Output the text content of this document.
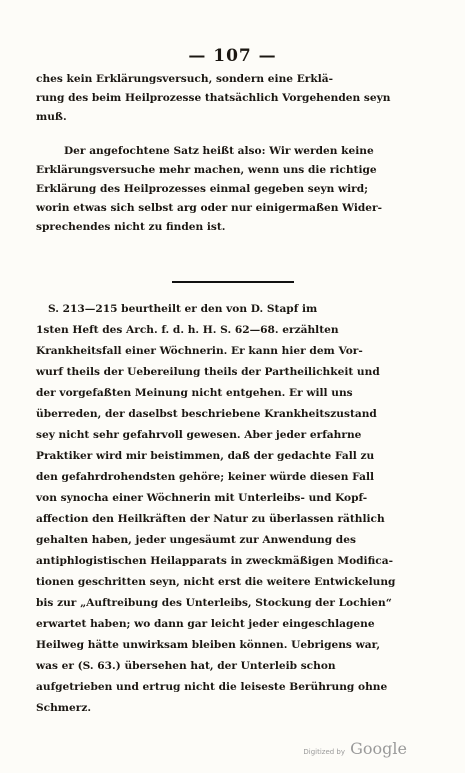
— 107 —
ches kein Erklärungsversuch, sondern eine Erklä-
rung des beim Heilprozesse thatsächlich Vorgehenden seyn
muß.
Der angefochtene Satz heißt also: Wir werden keine
Erklärungsversuche mehr machen, wenn uns die richtige
Erklärung des Heilprozesses einmal gegeben seyn wird;
worin etwas sich selbst arg oder nur einigermaßen Wider-
sprechendes nicht zu finden ist.
S. 213—215 beurtheilt er den von D. Stapf im
1sten Heft des Arch. f. d. h. H. S. 62—68. erzählten
Krankheitsfall einer Wöchnerin. Er kann hier dem Vor-
wurf theils der Uebereilung theils der Partheilichkeit und
der vorgefaßten Meinung nicht entgehen. Er will uns
überreden, der daselbst beschriebene Krankheitszustand
sey nicht sehr gefahrvoll gewesen. Aber jeder erfahrne
Praktiker wird mir beistimmen, daß der gedachte Fall zu
den gefahrdrohendsten gehöre; keiner würde diesen Fall
von synocha einer Wöchnerin mit Unterleibs- und Kopf-
affection den Heilkräften der Natur zu überlassen räthlich
gehalten haben, jeder ungesäumt zur Anwendung des
antiphlogistischen Heilapparats in zweckmäßigen Modifica-
tionen geschritten seyn, nicht erst die weitere Entwickelung
bis zur „Auftreibung des Unterleibs, Stockung der Lochien“
erwartet haben; wo dann gar leicht jeder eingeschlagene
Heilweg hätte unwirksam bleiben können. Uebrigens war,
was er (S. 63.) übersehen hat, der Unterleib schon
aufgetrieben und ertrug nicht die leiseste Berührung ohne
Schmerz.
Digitized by Google
